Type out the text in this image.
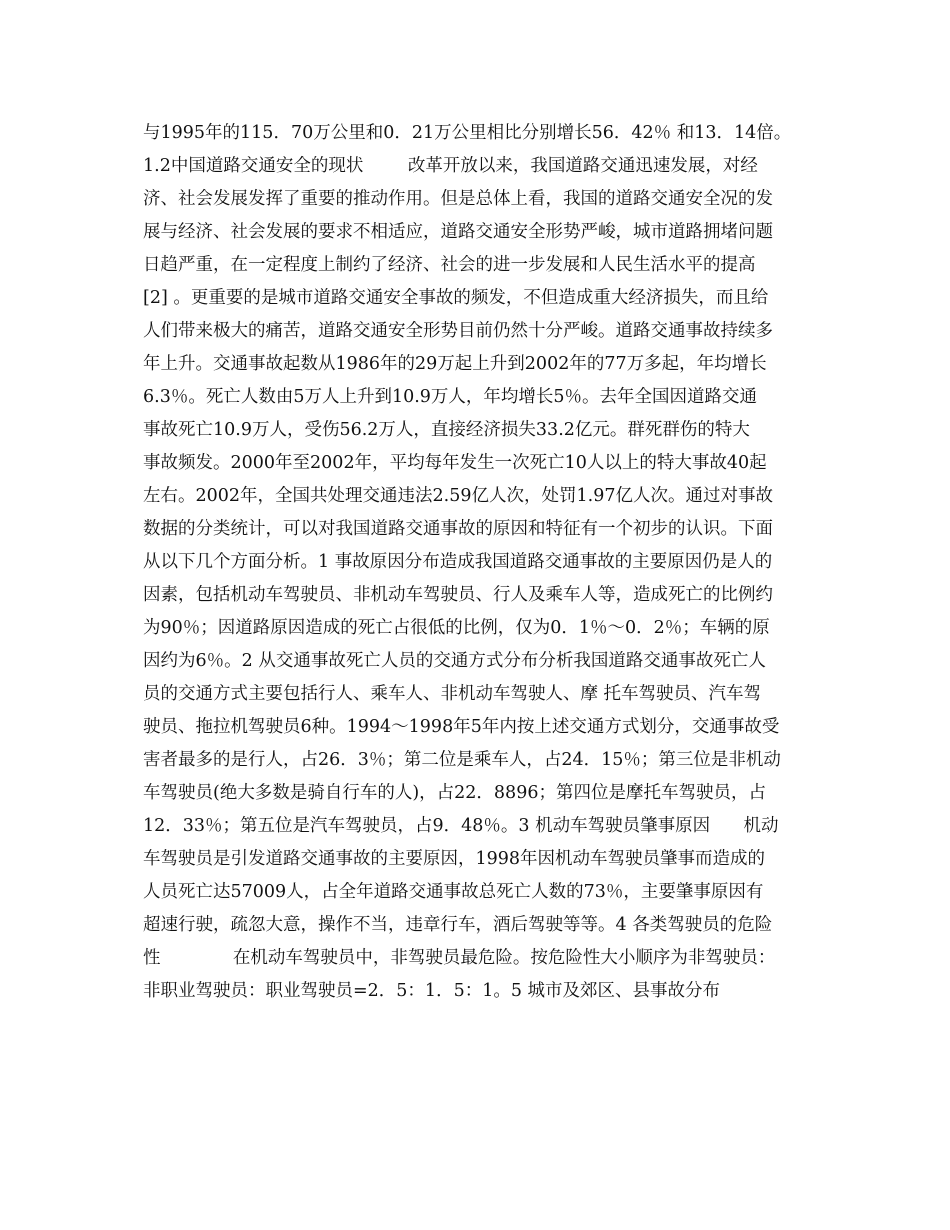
与1995年的115．70万公里和0．21万公里相比分别增长56．42％ 和13．14倍。
1.2中国道路交通安全的现状        改革开放以来，我国道路交通迅速发展，对经
济、社会发展发挥了重要的推动作用。但是总体上看，我国的道路交通安全况的发
展与经济、社会发展的要求不相适应，道路交通安全形势严峻，城市道路拥堵问题
日趋严重，在一定程度上制约了经济、社会的进一步发展和人民生活水平的提高
[2] 。更重要的是城市道路交通安全事故的频发，不但造成重大经济损失，而且给
人们带来极大的痛苦，道路交通安全形势目前仍然十分严峻。道路交通事故持续多
年上升。交通事故起数从1986年的29万起上升到2002年的77万多起，年均增长
6.3％。死亡人数由5万人上升到10.9万人，年均增长5％。去年全国因道路交通
事故死亡10.9万人，受伤56.2万人，直接经济损失33.2亿元。群死群伤的特大
事故频发。2000年至2002年，平均每年发生一次死亡10人以上的特大事故40起
左右。2002年，全国共处理交通违法2.59亿人次，处罚1.97亿人次。通过对事故
数据的分类统计，可以对我国道路交通事故的原因和特征有一个初步的认识。下面
从以下几个方面分析。1 事故原因分布造成我国道路交通事故的主要原因仍是人的
因素，包括机动车驾驶员、非机动车驾驶员、行人及乘车人等，造成死亡的比例约
为90％；因道路原因造成的死亡占很低的比例，仅为0．1％～0．2％；车辆的原
因约为6％。2 从交通事故死亡人员的交通方式分布分析我国道路交通事故死亡人
员的交通方式主要包括行人、乘车人、非机动车驾驶人、摩 托车驾驶员、汽车驾
驶员、拖拉机驾驶员6种。1994～1998年5年内按上述交通方式划分，交通事故受
害者最多的是行人，占26．3％；第二位是乘车人，占24．15％；第三位是非机动
车驾驶员(绝大多数是骑自行车的人)，占22．8896；第四位是摩托车驾驶员，占
12．33％；第五位是汽车驾驶员，占9．48％。3 机动车驾驶员肇事原因      机动
车驾驶员是引发道路交通事故的主要原因，1998年因机动车驾驶员肇事而造成的
人员死亡达57009人，占全年道路交通事故总死亡人数的73％，主要肇事原因有
超速行驶，疏忽大意，操作不当，违章行车，酒后驾驶等等。4 各类驾驶员的危险
性             在机动车驾驶员中，非驾驶员最危险。按危险性大小顺序为非驾驶员：
非职业驾驶员：职业驾驶员=2．5：1．5：1。5 城市及郊区、县事故分布
